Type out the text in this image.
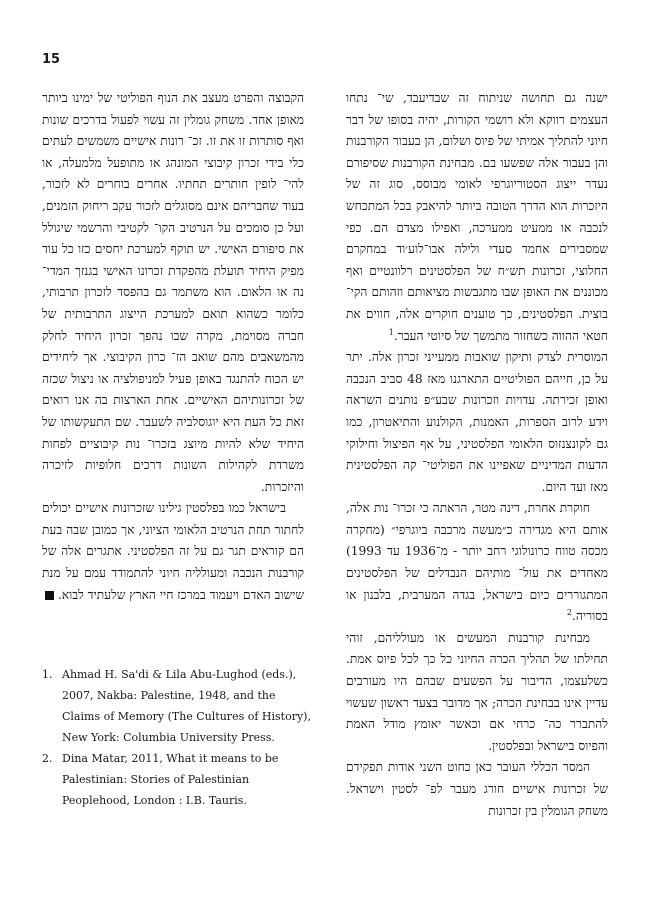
15

ישנה גם תחושה שניתוח זה שבדיעבד, שי־ נתחו העצמים רווקא ולא רושמי הקורות, יהיה בסופו של דבר חיוני להתליך אמיתי של פיוס ושלום, הן בעבור הקורבנות והן בעבור אלה שפשעו בם. מבחינת הקורבנות שסיפורם נעדר ייצוג הסטוריוגרפי לאומי מבוסס, סוג זה של היזכרות הוא הדרך הטובה ביותר להיאבק בכל המתכחש לנכבה או ממעיט ממערכה, ואפילו מצדם הם. כפי שמסבירים אחמד סעדי ולילה אבו־לוע׳וד במחקרם החלוצי, זכרונות תש״ח של הפלסטינים רלוונטיים ואף מכוננים את האופן שבו מתגבשות מציאותם וזהותם הקי־ בוצית. הפלסטינים, כך טוענים חוקרים אלה, חווים את חטאי ההווה כשחזור מתמשך של סיוטי העבר.$^1$

המוסרית לצדק ותיקון שואבות ממעייני זכרון אלה. יתר על כן, חייהם הפוליטיים התארגנו מאז 48 סביב הנכבה ואופן זכירתה. עדויות וזכרונות שבע״פ נותנים השראה וידע לרוב הספרות, האמנות, הקולנוע והתיאטרון, כמו גם לקונצנזוס הלאומי הפלסטיני, על אף הפיצול וחילוקי הדעות המדיניים שאפיינו את הפוליטי־ קה הפלסטינית מאז ועד היום.

חוקרת אחרת, דינה מטר, הראתה כי זכרו־ נות אלה, אותם היא מגדירה כ״מעשה מרכבה ביוגרפי״ (מחקרה מכסה טווח כרונולוגי רחב יותר - מ־1936 עד 1993) מאחדים את עול־ מותיהם הנבדלים של הפלסטינים המתגוררים כיום בישראל, בגדה המערבית, בלבנון או בסוריה.$^2$

מבחינת קורבנות המעשים או מעולליהם, זוהי תחילתו של תהליך הכרה החיוני כל כך לכל פיוס אמת. כשלעצמו, הדיבור על הפשעים שבהם היו מעורבים עדיין אינו בבחינת הכרה; אך מדובר בצעד ראשון שעשוי להתברר כה־ כרחי אם וכאשר יאומץ מודל האמת והפיוס בישראל ובפלסטין.

המסר הכללי העובר כאן כחוט השני אודות תפקידם של זכרונות אישיים חורג מעבר לפ־ לסטין וישראל. משחק הגומלין בין זכרונות

הקבוצה והפרט מעצב את הנוף הפוליטי של ימינו ביותר מאופן אחד. משחק גומלין זה עשוי לפעול בדרכים שונות ואף סותרות זו את זו. זכ־ רונות אישיים משמשים לעתים כלי בידי זכרון קיבוצי המונהג או מתופעל מלמעלה, או להי־ לופין חותרים תחתיו. אחרים בוחרים לא לזכור, בעוד שחבריהם אינם מסוגלים לזכור עקב ריחוק הזמנים, ועל כן סומכים על הנרטיב הקו־ לקטיבי והרשמי שיגולל את סיפורם האישי. יש תוקף למערכת יחסים כזו כל עוד מפיק היחיד תועלת מהפקדת זכרונו האישי בגנזך המדי־ נה או הלאום. הוא משתמר גם בהפסד לזכרון תרבותי, כלומר כשהוא תואם למערכת הייצוג התרבותית של חברה מסוימת, מקרה שבו נהפך זכרון היחיד לחלק מהמשאבים מהם שואב הז־ כרון הקיבוצי. אך ליחידים יש הכוח להתנגד באופן פעיל למניפולציה או ניצול שכזה של זכרונותיהם האישיים. אחת הארצות בה אנו רואים זאת כל העת היא יוגוסלביה לשעבר. שם התעקשותו של היחיד שלא להיות מיוצג בזכרו־ נות קיבוציים לפחות משרדת לקהילות השונות דרכים חלופיות לזיכרה והיזכרות.

בישראל כמו בפלסטין גילינו שזכרונות אישיים יכולים לחתור תחת הנרטיב הלאומי הציוני, אך כמובן שבה בעת הם קוראים תגר גם על זה הפלסטיני. אתגרים אלה של קורבנות הנכבה ומעולליה חיוני להתמודד עמם על מנת שישוב האדם ויעמוד במרכז חיי הארץ שלעתיד לבוא.

1. Ahmad H. Sa'di & Lila Abu-Lughod (eds.), 2007, Nakba: Palestine, 1948, and the Claims of Memory (The Cultures of History), New York: Columbia University Press.
2. Dina Matar, 2011, What it means to be Palestinian: Stories of Palestinian Peoplehood, London : I.B. Tauris.
